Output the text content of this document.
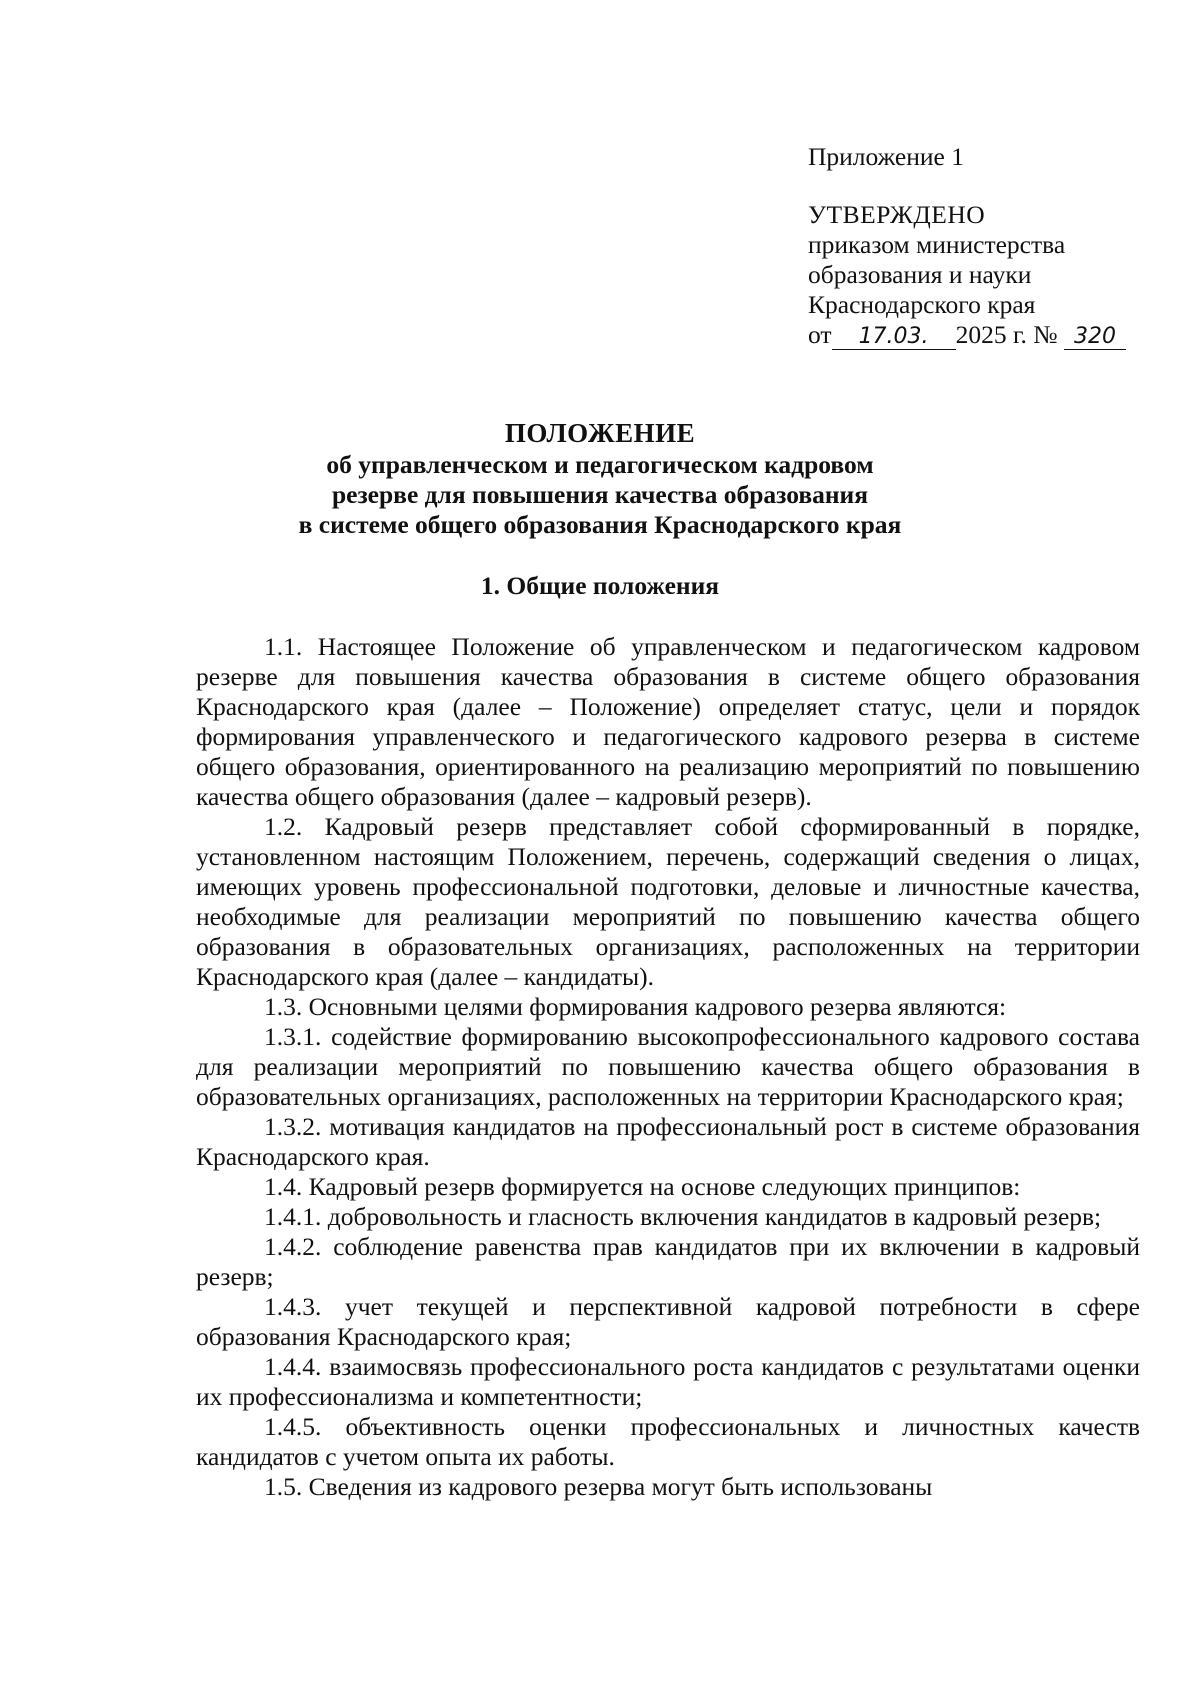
Приложение 1
УТВЕРЖДЕНО
приказом министерства
образования и науки
Краснодарского края
от 17.03. 2025 г. № 320
ПОЛОЖЕНИЕ
об управленческом и педагогическом кадровом
резерве для повышения качества образования
в системе общего образования Краснодарского края
1. Общие положения

1.1. Настоящее Положение об управленческом и педагогическом кадровом резерве для повышения качества образования в системе общего образования Краснодарского края (далее – Положение) определяет статус, цели и порядок формирования управленческого и педагогического кадрового резерва в системе общего образования, ориентированного на реализацию мероприятий по повышению качества общего образования (далее – кадровый резерв).

1.2. Кадровый резерв представляет собой сформированный в порядке, установленном настоящим Положением, перечень, содержащий сведения о лицах, имеющих уровень профессиональной подготовки, деловые и личностные качества, необходимые для реализации мероприятий по повышению качества общего образования в образовательных организациях, расположенных на территории Краснодарского края (далее – кандидаты).

1.3. Основными целями формирования кадрового резерва являются:

1.3.1. содействие формированию высокопрофессионального кадрового состава для реализации мероприятий по повышению качества общего образования в образовательных организациях, расположенных на территории Краснодарского края;

1.3.2. мотивация кандидатов на профессиональный рост в системе образования Краснодарского края.

1.4. Кадровый резерв формируется на основе следующих принципов:

1.4.1. добровольность и гласность включения кандидатов в кадровый резерв;

1.4.2. соблюдение равенства прав кандидатов при их включении в кадровый резерв;

1.4.3. учет текущей и перспективной кадровой потребности в сфере образования Краснодарского края;

1.4.4. взаимосвязь профессионального роста кандидатов с результатами оценки их профессионализма и компетентности;

1.4.5. объективность оценки профессиональных и личностных качеств кандидатов с учетом опыта их работы.

1.5. Сведения из кадрового резерва могут быть использованы
